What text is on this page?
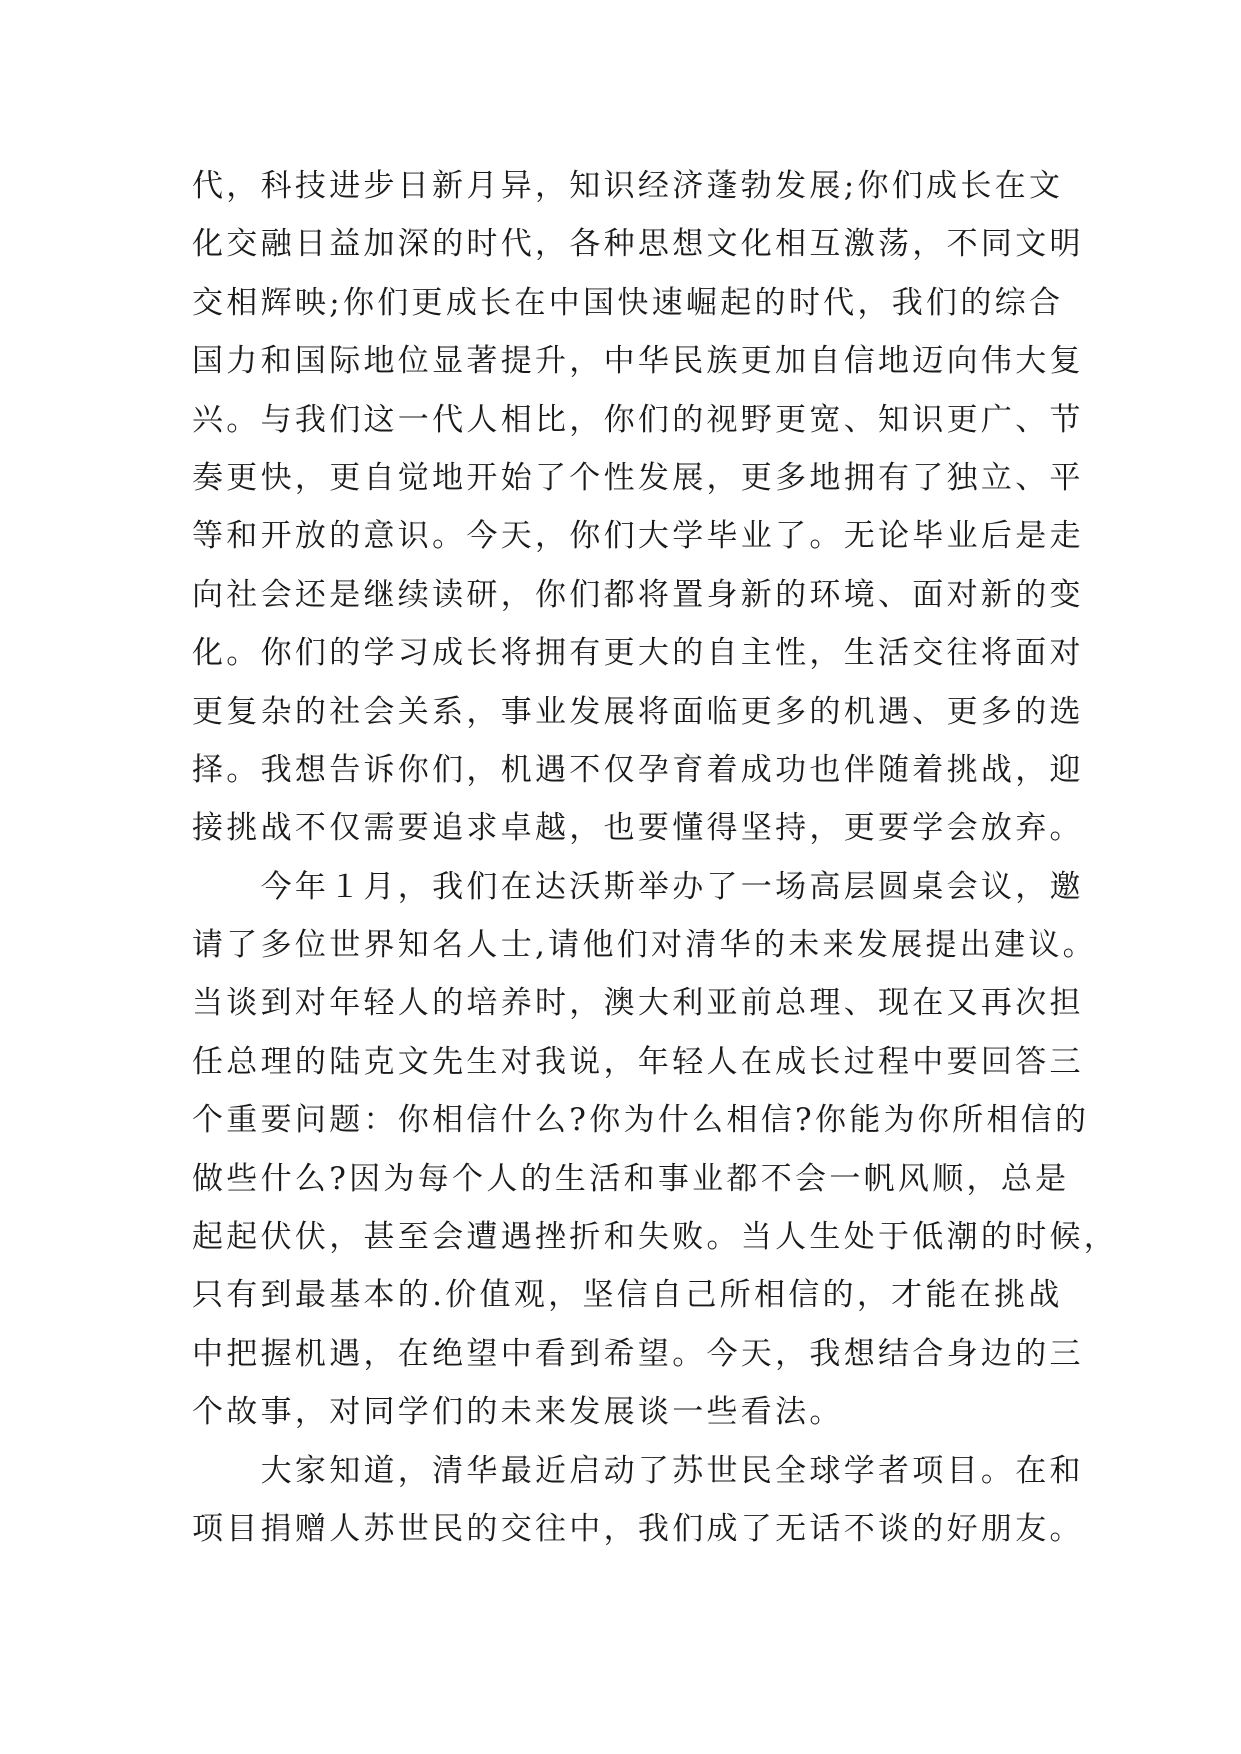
代，科技进步日新月异，知识经济蓬勃发展;你们成长在文
化交融日益加深的时代，各种思想文化相互激荡，不同文明
交相辉映;你们更成长在中国快速崛起的时代，我们的综合
国力和国际地位显著提升，中华民族更加自信地迈向伟大复
兴。与我们这一代人相比，你们的视野更宽、知识更广、节
奏更快，更自觉地开始了个性发展，更多地拥有了独立、平
等和开放的意识。今天，你们大学毕业了。无论毕业后是走
向社会还是继续读研，你们都将置身新的环境、面对新的变
化。你们的学习成长将拥有更大的自主性，生活交往将面对
更复杂的社会关系，事业发展将面临更多的机遇、更多的选
择。我想告诉你们，机遇不仅孕育着成功也伴随着挑战，迎
接挑战不仅需要追求卓越，也要懂得坚持，更要学会放弃。
　　今年１月，我们在达沃斯举办了一场高层圆桌会议，邀
请了多位世界知名人士,请他们对清华的未来发展提出建议。
当谈到对年轻人的培养时，澳大利亚前总理、现在又再次担
任总理的陆克文先生对我说，年轻人在成长过程中要回答三
个重要问题：你相信什么?你为什么相信?你能为你所相信的
做些什么?因为每个人的生活和事业都不会一帆风顺，总是
起起伏伏，甚至会遭遇挫折和失败。当人生处于低潮的时候，
只有到最基本的.价值观，坚信自己所相信的，才能在挑战
中把握机遇，在绝望中看到希望。今天，我想结合身边的三
个故事，对同学们的未来发展谈一些看法。
　　大家知道，清华最近启动了苏世民全球学者项目。在和
项目捐赠人苏世民的交往中，我们成了无话不谈的好朋友。
